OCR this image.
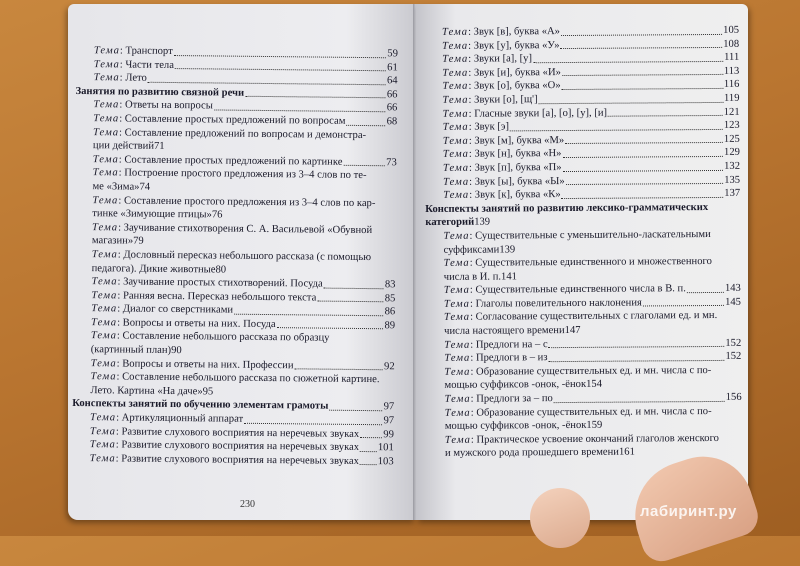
Тема: Транспорт	59
Тема: Части тела	61
Тема: Лето	64
Занятия по развитию связной речи	66
Тема: Ответы на вопросы	66
Тема: Составление простых предложений по вопросам	68
Тема: Составление предложений по вопросам и демонстра-
ции действий 71
Тема: Составление простых предложений по картинке	73
Тема: Построение простого предложения из 3–4 слов по те-
ме «Зима» 74
Тема: Составление простого предложения из 3–4 слов по кар-
тинке «Зимующие птицы» 76
Тема: Заучивание стихотворения С. А. Васильевой «Обувной
магазин» 79
Тема: Дословный пересказ небольшого рассказа (с помощью
педагога). Дикие животные 80
Тема: Заучивание простых стихотворений. Посуда	83
Тема: Ранняя весна. Пересказ небольшого текста	85
Тема: Диалог со сверстниками	86
Тема: Вопросы и ответы на них. Посуда	89
Тема: Составление небольшого рассказа по образцу
(картинный план) 90
Тема: Вопросы и ответы на них. Профессии	92
Тема: Составление небольшого рассказа по сюжетной картине.
Лето. Картина «На даче» 95
Конспекты занятий по обучению элементам грамоты	97
Тема: Артикуляционный аппарат	97
Тема: Развитие слухового восприятия на неречевых звуках 99
Тема: Развитие слухового восприятия на неречевых звуках 101
Тема: Развитие слухового восприятия на неречевых звуках 103
230
Тема: Звук [в], буква «А»	105
Тема: Звук [у], буква «У»	108
Тема: Звуки [а], [у]	111
Тема: Звук [и], буква «И»	113
Тема: Звук [о], буква «О»	116
Тема: Звуки [о], [щ']	119
Тема: Гласные звуки [а], [о], [у], [и]	121
Тема: Звук [э]	123
Тема: Звук [м], буква «М»	125
Тема: Звук [н], буква «Н»	129
Тема: Звук [п], буква «П»	132
Тема: Звук [ы], буква «Ы»	135
Тема: Звук [к], буква «К»	137
Конспекты занятий по развитию лексико-грамматических
категорий 139
Тема: Существительные с уменьшительно-ласкательными
суффиксами 139
Тема: Существительные единственного и множественного
числа в И. п. 141
Тема: Существительные единственного числа в В. п.	143
Тема: Глаголы повелительного наклонения	145
Тема: Согласование существительных с глаголами ед. и мн.
числа настоящего времени 147
Тема: Предлоги на – с	152
Тема: Предлоги в – из	152
Тема: Образование существительных ед. и мн. числа с по-
мощью суффиксов -онок, -ёнок 154
Тема: Предлоги за – по	156
Тема: Образование существительных ед. и мн. числа с по-
мощью суффиксов -онок, -ёнок 159
Тема: Практическое усвоение окончаний глаголов женского
и мужского рода прошедшего времени 161
лабиринт.ру
